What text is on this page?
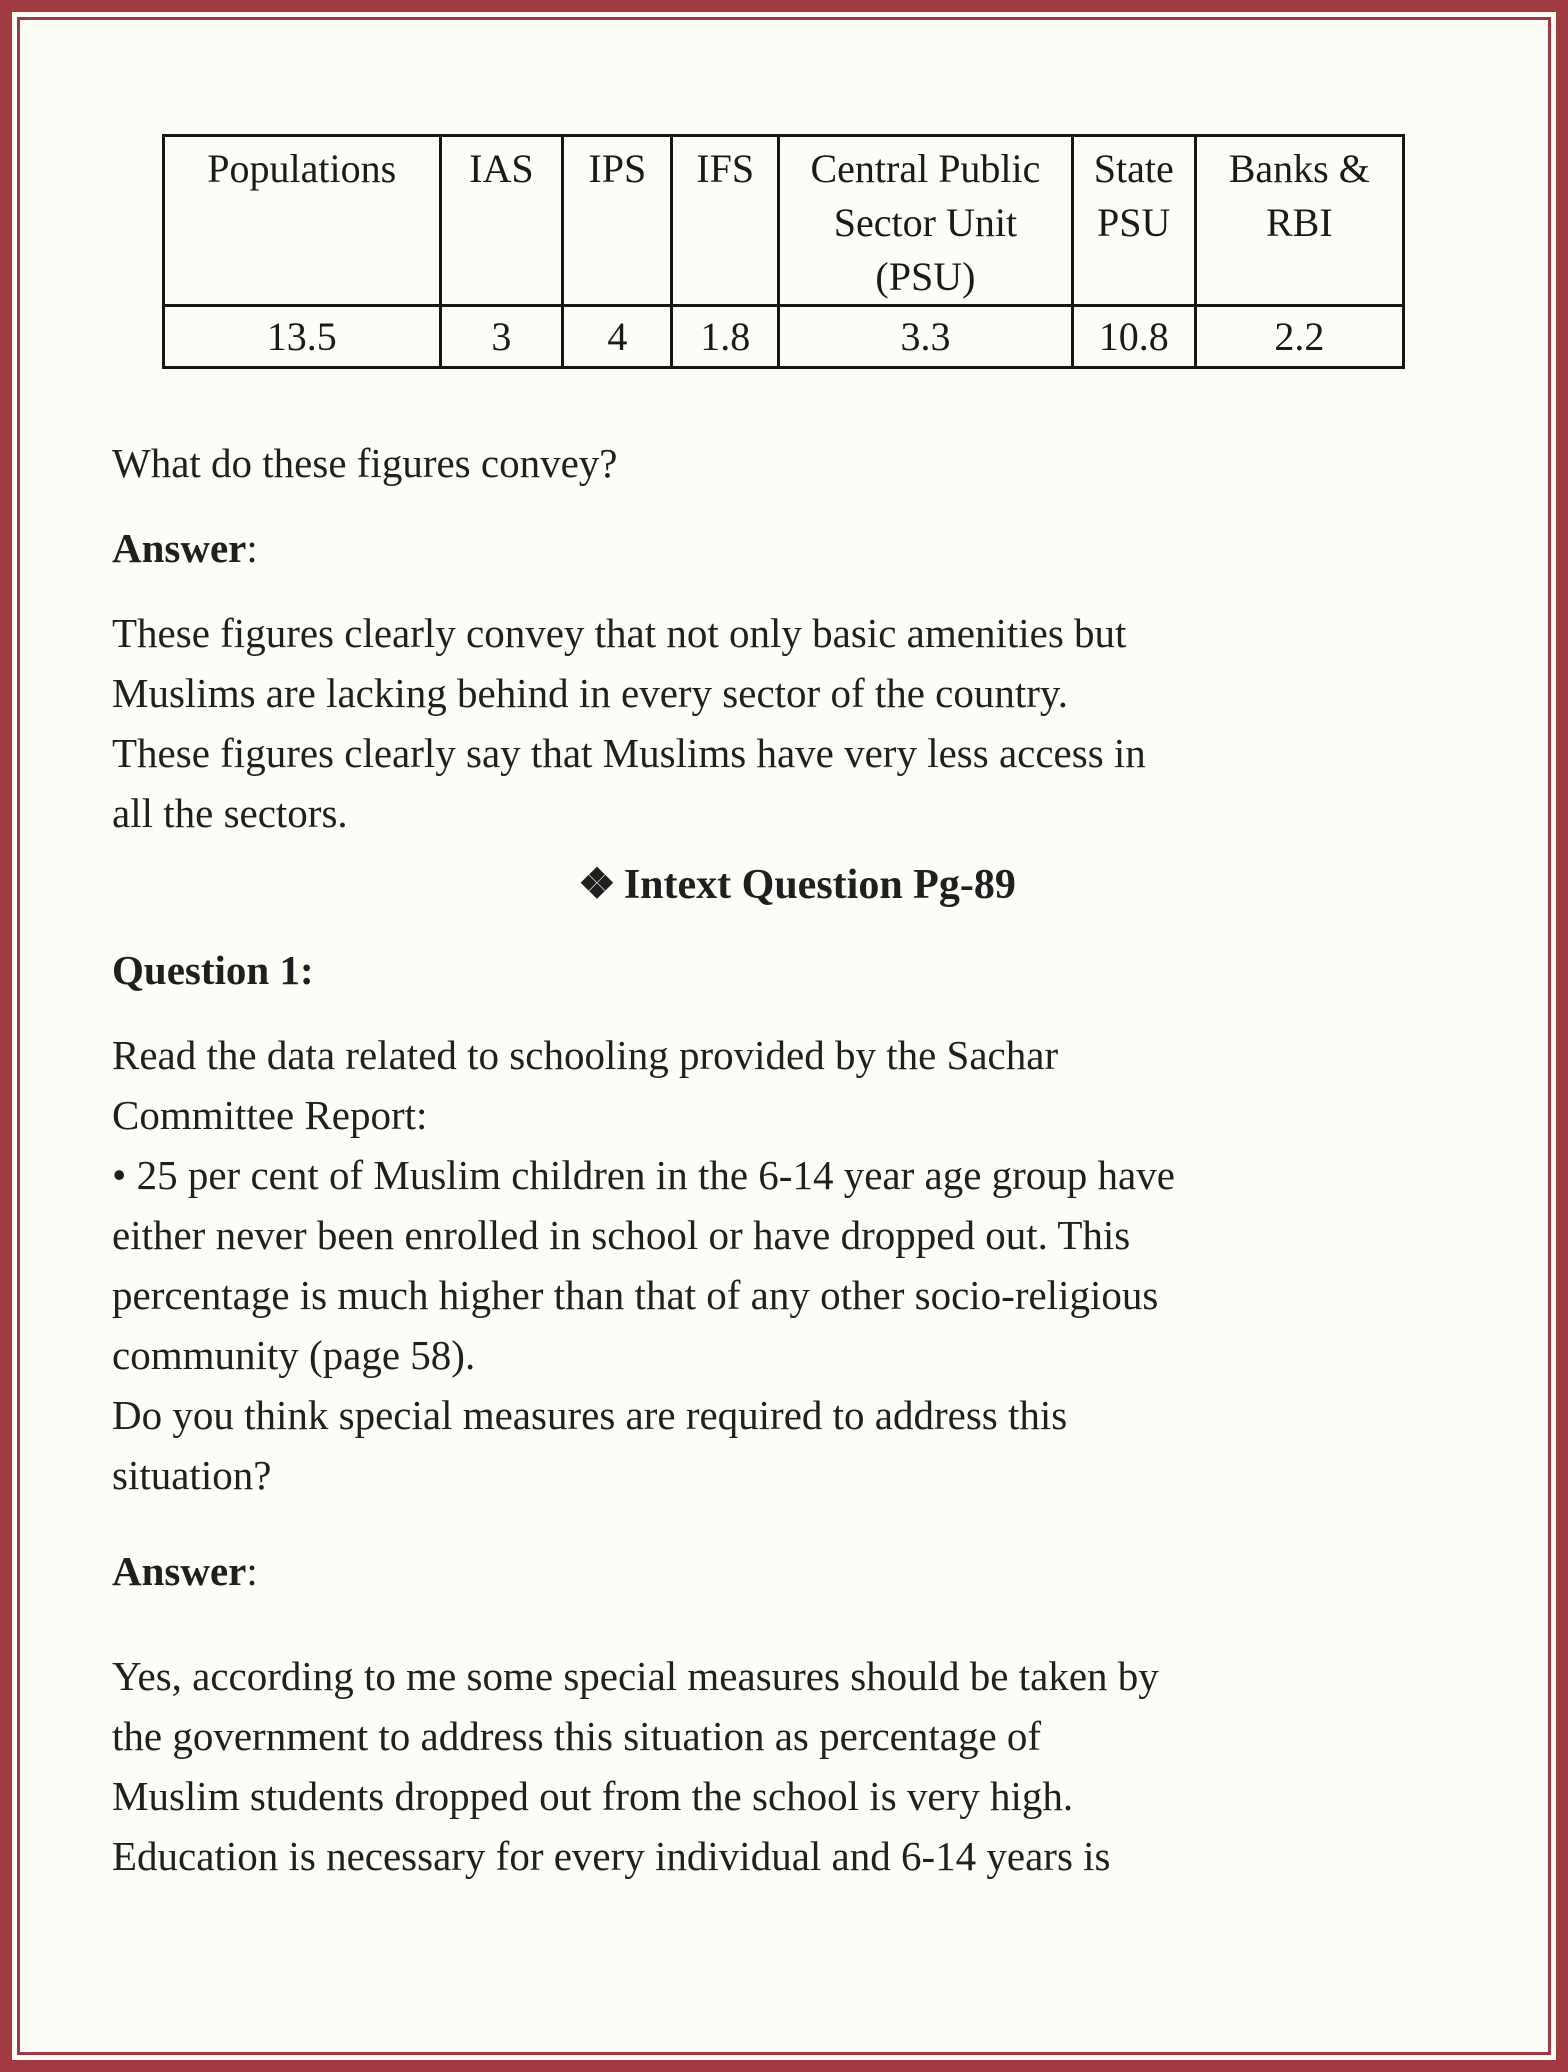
Populations	IAS	IPS	IFS	Central Public Sector Unit (PSU)	State PSU	Banks & RBI
13.5	3	4	1.8	3.3	10.8	2.2

What do these figures convey?

Answer:

These figures clearly convey that not only basic amenities but
Muslims are lacking behind in every sector of the country.
These figures clearly say that Muslims have very less access in
all the sectors.

❖ Intext Question Pg-89

Question 1:

Read the data related to schooling provided by the Sachar
Committee Report:
• 25 per cent of Muslim children in the 6-14 year age group have
either never been enrolled in school or have dropped out. This
percentage is much higher than that of any other socio-religious
community (page 58).
Do you think special measures are required to address this
situation?

Answer:

Yes, according to me some special measures should be taken by
the government to address this situation as percentage of
Muslim students dropped out from the school is very high.
Education is necessary for every individual and 6-14 years is
